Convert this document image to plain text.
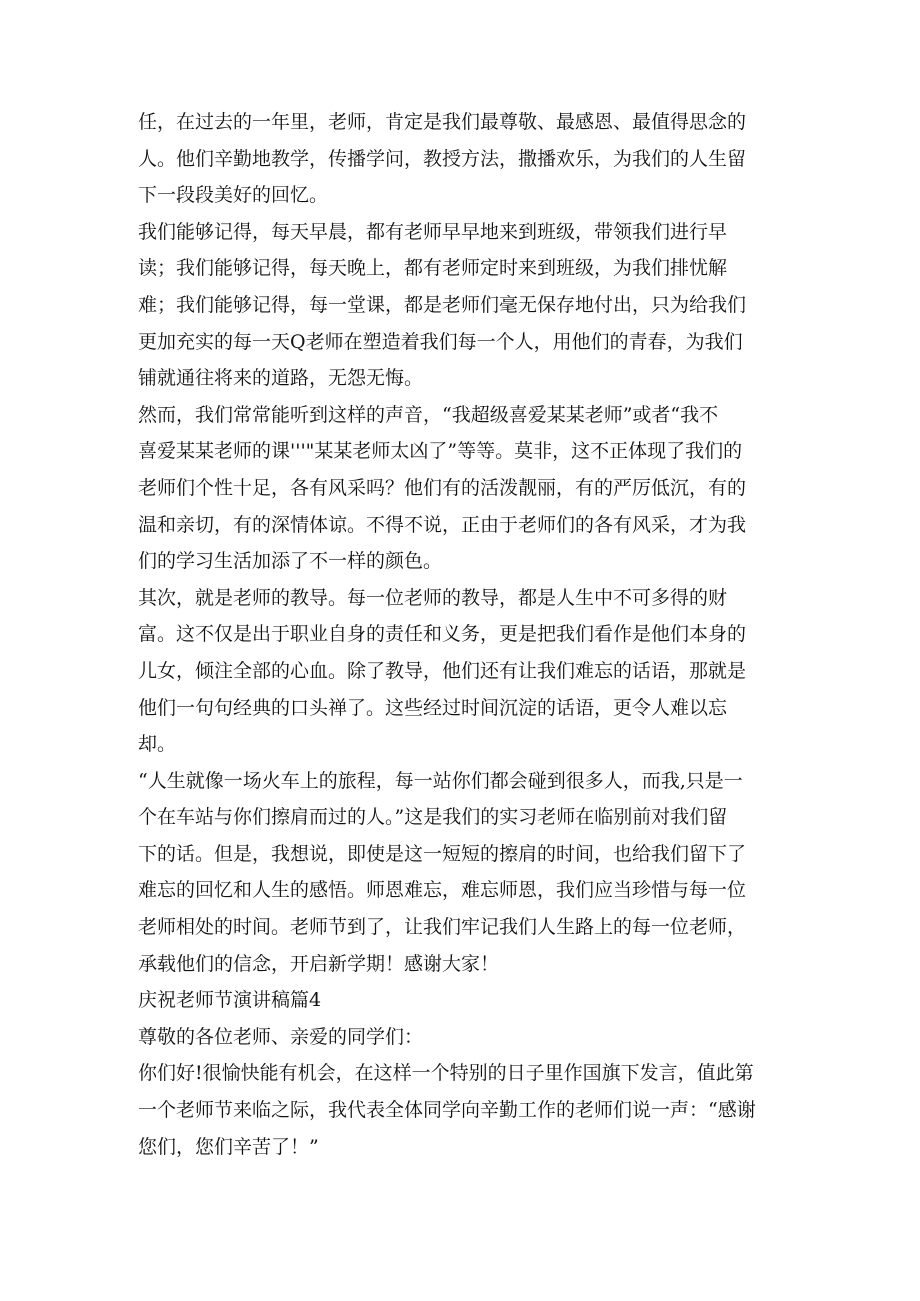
任，在过去的一年里，老师，肯定是我们最尊敬、最感恩、最值得思念的
人。他们辛勤地教学，传播学问，教授方法，撒播欢乐，为我们的人生留
下一段段美好的回忆。
我们能够记得，每天早晨，都有老师早早地来到班级，带领我们进行早
读；我们能够记得，每天晚上，都有老师定时来到班级，为我们排忧解
难；我们能够记得，每一堂课，都是老师们毫无保存地付出，只为给我们
更加充实的每一天Q老师在塑造着我们每一个人，用他们的青春，为我们
铺就通往将来的道路，无怨无悔。
然而，我们常常能听到这样的声音，“我超级喜爱某某老师”或者“我不
喜爱某某老师的课'''"某某老师太凶了”等等。莫非，这不正体现了我们的
老师们个性十足，各有风采吗？他们有的活泼靓丽，有的严厉低沉，有的
温和亲切，有的深情体谅。不得不说，正由于老师们的各有风采，才为我
们的学习生活加添了不一样的颜色。
其次，就是老师的教导。每一位老师的教导，都是人生中不可多得的财
富。这不仅是出于职业自身的责任和义务，更是把我们看作是他们本身的
儿女，倾注全部的心血。除了教导，他们还有让我们难忘的话语，那就是
他们一句句经典的口头禅了。这些经过时间沉淀的话语，更令人难以忘
却。
“人生就像一场火车上的旅程，每一站你们都会碰到很多人，而我,只是一
个在车站与你们擦肩而过的人。”这是我们的实习老师在临别前对我们留
下的话。但是，我想说，即使是这一短短的擦肩的时间，也给我们留下了
难忘的回忆和人生的感悟。师恩难忘，难忘师恩，我们应当珍惜与每一位
老师相处的时间。老师节到了，让我们牢记我们人生路上的每一位老师，
承载他们的信念，开启新学期！感谢大家！
庆祝老师节演讲稿篇4
尊敬的各位老师、亲爱的同学们：
你们好!很愉快能有机会，在这样一个特别的日子里作国旗下发言，值此第
一个老师节来临之际，我代表全体同学向辛勤工作的老师们说一声：“感谢
您们，您们辛苦了！”
